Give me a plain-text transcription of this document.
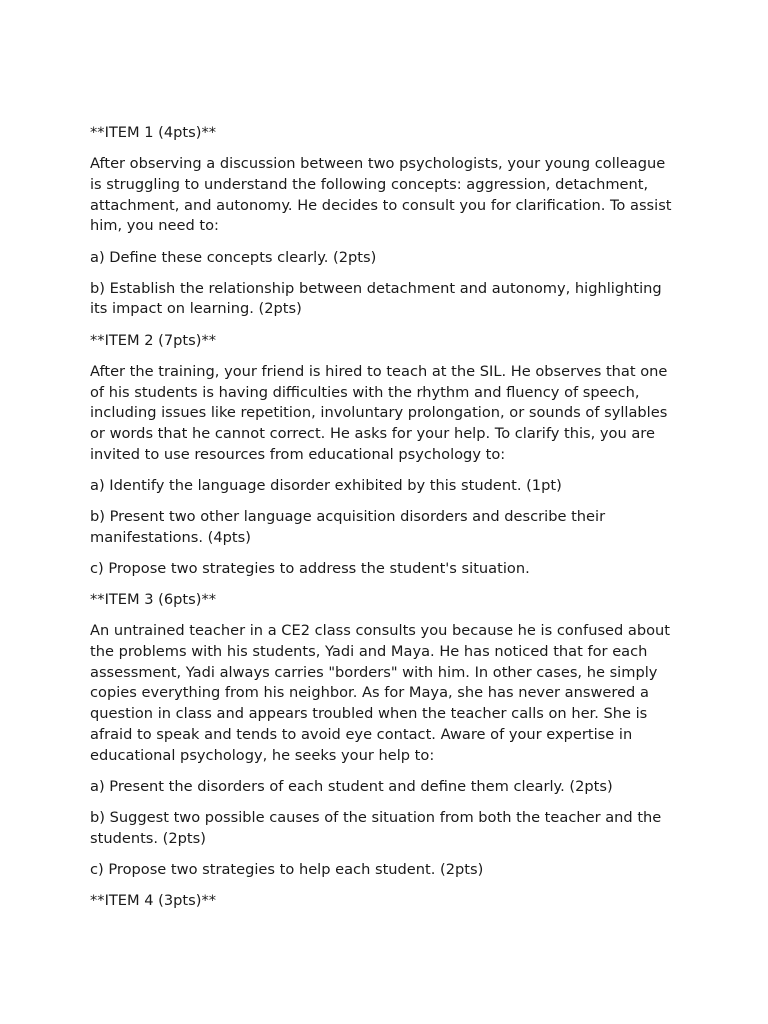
**ITEM 1 (4pts)**

After observing a discussion between two psychologists, your young colleague is struggling to understand the following concepts: aggression, detachment, attachment, and autonomy. He decides to consult you for clarification. To assist him, you need to:

a) Define these concepts clearly. (2pts)

b) Establish the relationship between detachment and autonomy, highlighting its impact on learning. (2pts)

**ITEM 2 (7pts)**

After the training, your friend is hired to teach at the SIL. He observes that one of his students is having difficulties with the rhythm and fluency of speech, including issues like repetition, involuntary prolongation, or sounds of syllables or words that he cannot correct. He asks for your help. To clarify this, you are invited to use resources from educational psychology to:

a) Identify the language disorder exhibited by this student. (1pt)

b) Present two other language acquisition disorders and describe their manifestations. (4pts)

c) Propose two strategies to address the student's situation.

**ITEM 3 (6pts)**

An untrained teacher in a CE2 class consults you because he is confused about the problems with his students, Yadi and Maya. He has noticed that for each assessment, Yadi always carries "borders" with him. In other cases, he simply copies everything from his neighbor. As for Maya, she has never answered a question in class and appears troubled when the teacher calls on her. She is afraid to speak and tends to avoid eye contact. Aware of your expertise in educational psychology, he seeks your help to:

a) Present the disorders of each student and define them clearly. (2pts)

b) Suggest two possible causes of the situation from both the teacher and the students. (2pts)

c) Propose two strategies to help each student. (2pts)

**ITEM 4 (3pts)**
